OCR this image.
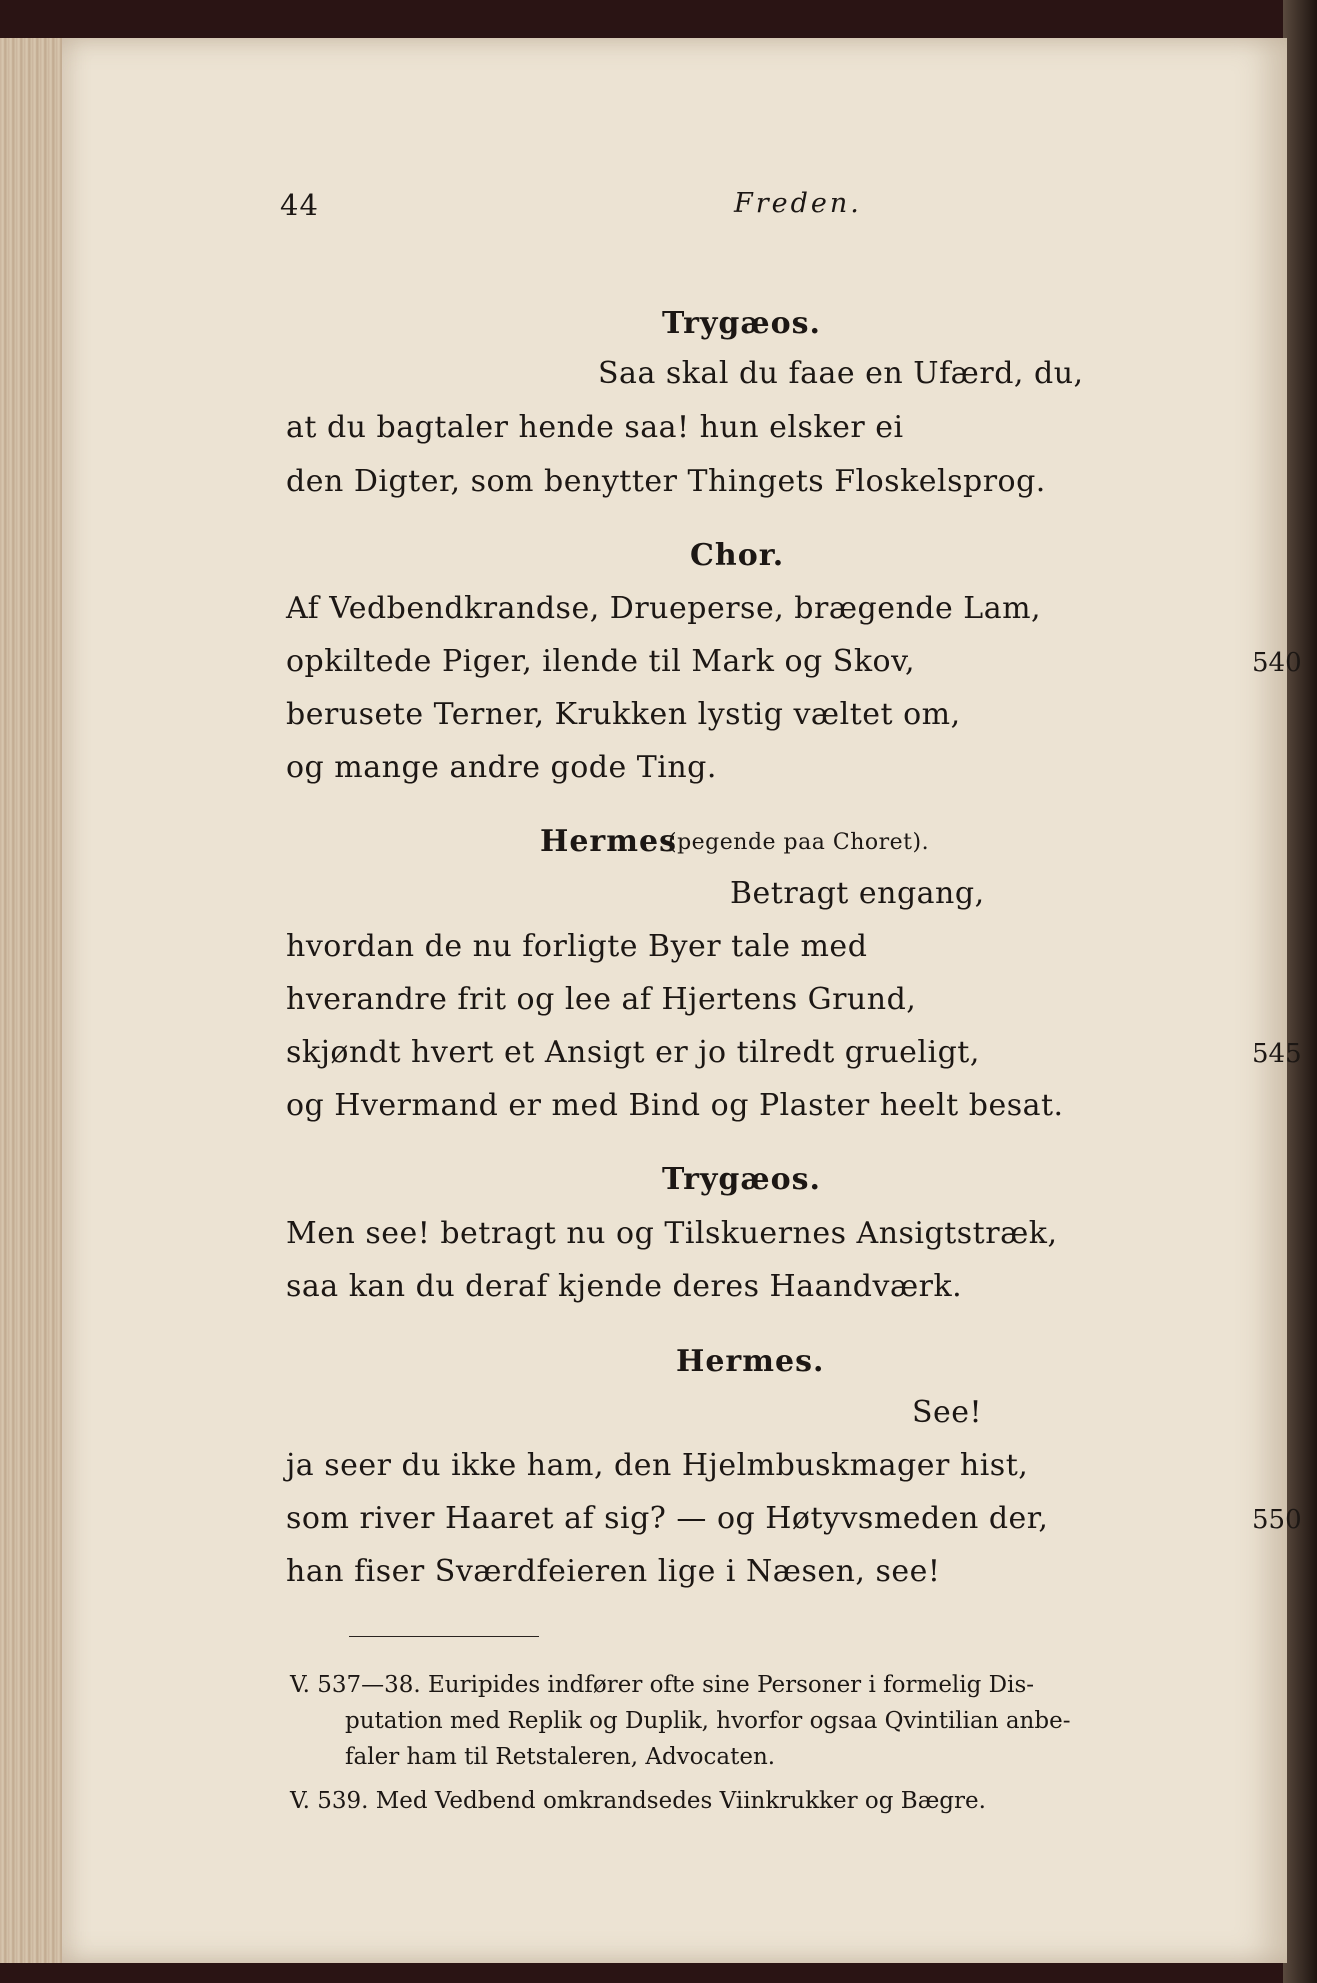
44	Freden.
Trygæos.
Saa skal du faae en Ufærd, du,
at du bagtaler hende saa! hun elsker ei
den Digter, som benytter Thingets Floskelsprog.
Chor.
Af Vedbendkrandse, Drueperse, brægende Lam,
opkiltede Piger, ilende til Mark og Skov,	540
berusete Terner, Krukken lystig væltet om,
og mange andre gode Ting.
Hermes
(pegende paa Choret).
Betragt engang,
hvordan de nu forligte Byer tale med
hverandre frit og lee af Hjertens Grund,
skjøndt hvert et Ansigt er jo tilredt grueligt,	545
og Hvermand er med Bind og Plaster heelt besat.
Trygæos.
Men see! betragt nu og Tilskuernes Ansigtstræk,
saa kan du deraf kjende deres Haandværk.
Hermes.
See!
ja seer du ikke ham, den Hjelmbuskmager hist,
som river Haaret af sig? — og Høtyvsmeden der,	550
han fiser Sværdfeieren lige i Næsen, see!
V. 537—38. Euripides indfører ofte sine Personer i formelig Dis-
putation med Replik og Duplik, hvorfor ogsaa Qvintilian anbe-
faler ham til Retstaleren, Advocaten.
V. 539. Med Vedbend omkrandsedes Viinkrukker og Bægre.
